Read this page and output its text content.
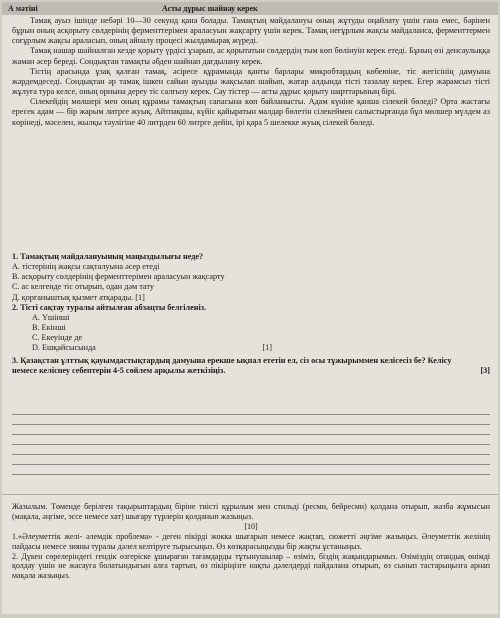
А мәтіні	Асты дұрыс шайнау керек

Тамақ ауыз ішінде небәрі 10—30 секунд қана болады. Тамақтың майдалануы оның жұтуды оңайлату үшін ғана емес, бәрінен бұрын оның асқорыту сөлдерінің ферменттерімен араласуын жақсарту үшін керек. Тамақ неғұрлым жақсы майдаланса, ферменттермен соғұрлым жақсы араласып, оның айналу процесі жылдамырақ жүреді.

Тамақ нашар шайналған кезде қорыту үрдісі ұзарып, ас қорытатын сөлдердің тым көп бөлінуін керек етеді. Бұның өзі денсаулыққа жаман әсер береді. Сондықтан тамақты әбден шайнап дағдылану керек.

Тістің арасында ұзақ қалған тамақ, әсіресе құрамында қанты барлары микробтардың көбеюіне, тіс жегісінің дамуына жәрдемдеседі. Сондықтан әр тамақ ішкен сайын ауызды жақсылап шайып, жатар алдында тісті тазалау керек. Егер жарамсыз тісті жұлуға тура келсе, оның орнына дереу тіс салғызу керек. Сау тістер — асты дұрыс қорыту шарттарының бірі.

Сілекейдің мөлшері мен оның құрамы тамақтың сапасына көп байланысты. Адам күніне қанша сілекей бөледі? Орта жастағы ересек адам — бір жарым литрге жуық. Айтпақшы, күйіс қайыратын малдар бөлетін сілекеймен салыстырғанда бұл мөлшер мүлдем аз көрінеді, мәселен, жылқы тәулігіне 40 литрден 60 литрге дейін, ірі қара 5 шелекке жуық сілекей бөледі.

1. Тамақтың майдалануының маңыздылығы неде?

А. тістерінің жақсы сақталуына әсер етеді

В. асқорыту сөлдерінің ферменттерімен араласуын жақсарту

С. ас келгенде тіс отырып, одан дәм тату

Д. қорғаныштық қызмет атқарады. [1]

2. Тісті сақтау туралы айтылған абзацты белгіленіз.

А. Үшінші

В. Екінші

С. Екеуінде де

D. Ешқайсысында	[1]

3. Қазақстан ұлттық қауымдастықтардың дамуына ерекше ықпал ететін ел, сіз осы тұжырыммен келісесіз бе? Келісу немесе келіспеу себептерін 4-5 сөйлем арқылы жеткізіңіз.	[3]

Жазылым. Төменде берілген тақырыптардың біріне тиісті құрылым мен стильді (ресми, бейресми) қолдана отырып, жазба жұмысын (мақала, әңгіме, эссе немесе хат) шығару түрлерін қолданып жазыңыз.

[10]

1.«Әлеуметтік желі- әлемдік проблема» - деген пікірді жокка шығарып немесе жақтап, сюжетті әңгіме жазыңыз. Әлеуметтік желінің пайдасы немесе зияны туралы дәлел келтіруге тырысыңыз. Өз көзқарасыңызды бір жақты ұстаныңыз.

2. Дүкен сөрелеріндегі гендік өзгеріске ұшыраған тағамдарды тұтынушылар – өзіміз, біздің жақындарымыз. Өзіміздің отандық өнімді қолдау үшін не жасауға болатындығын алға тартып, өз пікіріңізге нақты дәлелдерді пайдалана отырып, өз сынып тастарыңызға арнап мақала жазыңыз.
